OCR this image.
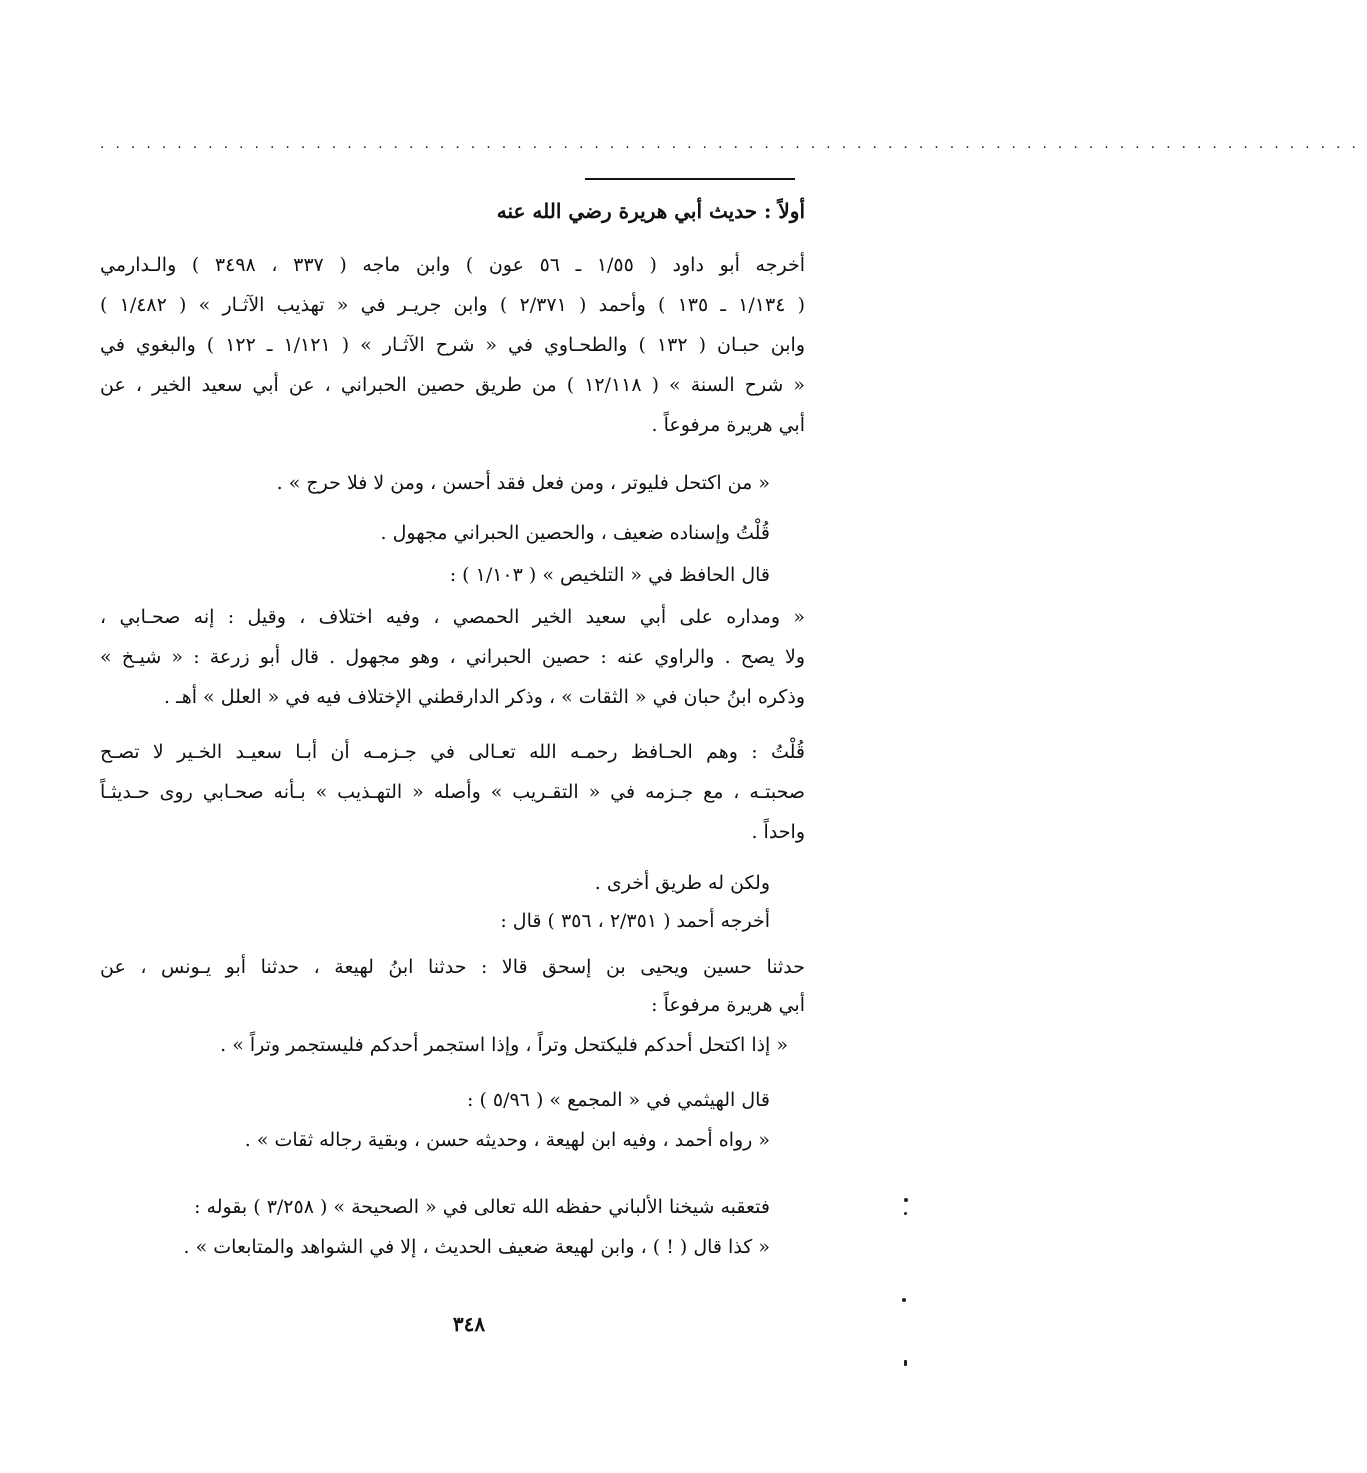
..................................................................................
أولاً : حديث أبي هريرة رضي الله عنه
أخرجه أبو داود ( ١/٥٥ ـ ٥٦ عون ) وابن ماجه ( ٣٣٧ ، ٣٤٩٨ ) والـدارمي
( ١/١٣٤ ـ ١٣٥ ) وأحمد ( ٢/٣٧١ ) وابن جريـر في « تهذيب الآثـار » ( ١/٤٨٢ )
وابن حبـان ( ١٣٢ ) والطحـاوي في « شرح الآثـار » ( ١/١٢١ ـ ١٢٢ ) والبغوي في
« شرح السنة » ( ١٢/١١٨ ) من طريق حصين الحبراني ، عن أبي سعيد الخير ، عن
أبي هريرة مرفوعاً .
« من اكتحل فليوتر ، ومن فعل فقد أحسن ، ومن لا فلا حرج » .
قُلْتُ وإسناده ضعيف ، والحصين الحبراني مجهول .
قال الحافظ في « التلخيص » ( ١/١٠٣ ) :
« ومداره على أبي سعيد الخير الحمصي ، وفيه اختلاف ، وقيل : إنه صحـابي ،
ولا يصح . والراوي عنه : حصين الحبراني ، وهو مجهول . قال أبو زرعة : « شيـخ »
وذكره ابنُ حبان في « الثقات » ، وذكر الدارقطني الإختلاف فيه في « العلل » أهـ .
قُلْتُ : وهم الحـافظ رحمـه الله تعـالى في جـزمـه أن أبـا سعيـد الخـير لا تصـح
صحبتـه ، مع جـزمه في « التقـريب » وأصله « التهـذيب » بـأنه صحـابي روى حـديثـاً
واحداً .
ولكن له طريق أخرى .
أخرجه أحمد ( ٢/٣٥١ ، ٣٥٦ ) قال :
حدثنا حسين ويحيى بن إسحق قالا : حدثنا ابنُ لهيعة ، حدثنا أبو يـونس ، عن
أبي هريرة مرفوعاً :
« إذا اكتحل أحدكم فليكتحل وتراً ، وإذا استجمر أحدكم فليستجمر وتراً » .
قال الهيثمي في « المجمع » ( ٥/٩٦ ) :
« رواه أحمد ، وفيه ابن لهيعة ، وحديثه حسن ، وبقية رجاله ثقات » .
فتعقبه شيخنا الألباني حفظه الله تعالى في « الصحيحة » ( ٣/٢٥٨ ) بقوله :
« كذا قال ( ! ) ، وابن لهيعة ضعيف الحديث ، إلا في الشواهد والمتابعات » .
٣٤٨
